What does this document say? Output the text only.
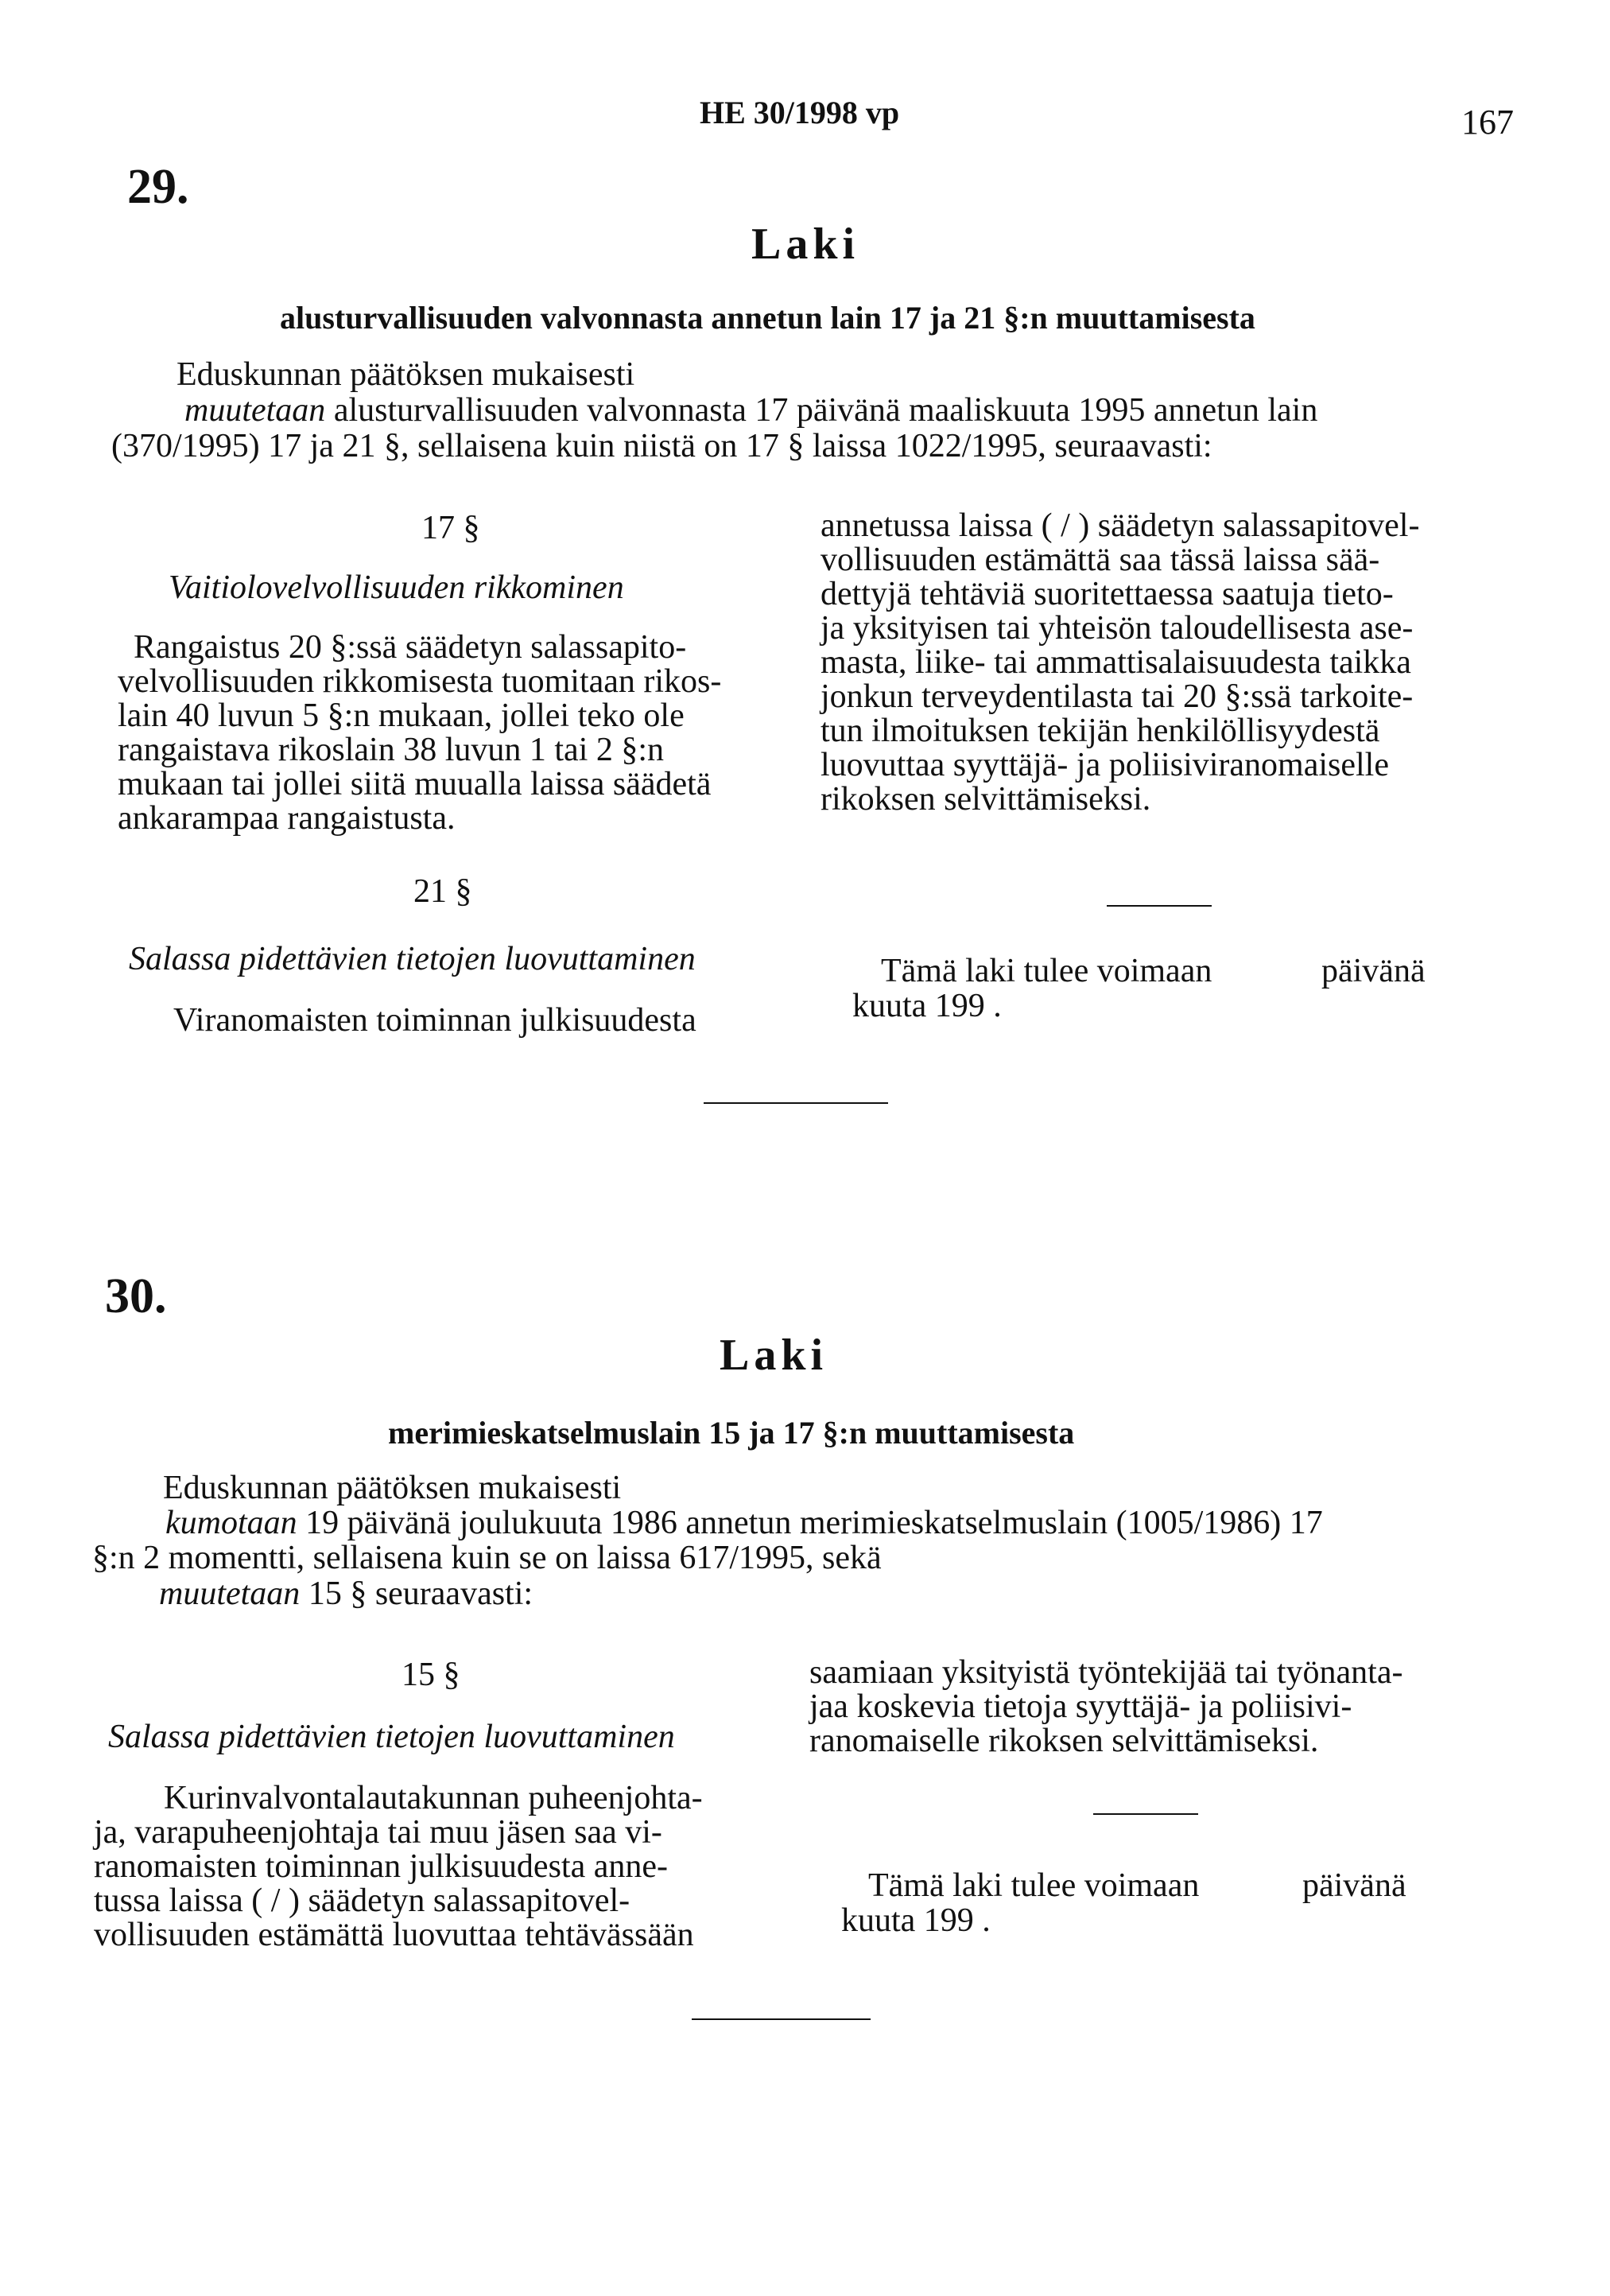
HE 30/1998 vp	167
29.
Laki
alusturvallisuuden valvonnasta annetun lain 17 ja 21 §:n muuttamisesta
Eduskunnan päätöksen mukaisesti
muutetaan alusturvallisuuden valvonnasta 17 päivänä maaliskuuta 1995 annetun lain
(370/1995) 17 ja 21 §, sellaisena kuin niistä on 17 § laissa 1022/1995, seuraavasti:
17 §
Vaitiolovelvollisuuden rikkominen
Rangaistus 20 §:ssä säädetyn salassapito-
velvollisuuden rikkomisesta tuomitaan rikos-
lain 40 luvun 5 §:n mukaan, jollei teko ole
rangaistava rikoslain 38 luvun 1 tai 2 §:n
mukaan tai jollei siitä muualla laissa säädetä
ankarampaa rangaistusta.
21 §
Salassa pidettävien tietojen luovuttaminen
Viranomaisten toiminnan julkisuudesta
annetussa laissa ( / ) säädetyn salassapitovel-
vollisuuden estämättä saa tässä laissa sää-
dettyjä tehtäviä suoritettaessa saatuja tieto-
ja yksityisen tai yhteisön taloudellisesta ase-
masta, liike- tai ammattisalaisuudesta taikka
jonkun terveydentilasta tai 20 §:ssä tarkoite-
tun ilmoituksen tekijän henkilöllisyydestä
luovuttaa syyttäjä- ja poliisiviranomaiselle
rikoksen selvittämiseksi.
Tämä laki tulee voimaan	päivänä
kuuta 199 .
30.
Laki
merimieskatselmuslain 15 ja 17 §:n muuttamisesta
Eduskunnan päätöksen mukaisesti
kumotaan 19 päivänä joulukuuta 1986 annetun merimieskatselmuslain (1005/1986) 17
§:n 2 momentti, sellaisena kuin se on laissa 617/1995, sekä
muutetaan 15 § seuraavasti:
15 §
Salassa pidettävien tietojen luovuttaminen
Kurinvalvontalautakunnan puheenjohta-
ja, varapuheenjohtaja tai muu jäsen saa vi-
ranomaisten toiminnan julkisuudesta anne-
tussa laissa ( / ) säädetyn salassapitovel-
vollisuuden estämättä luovuttaa tehtävässään
saamiaan yksityistä työntekijää tai työnanta-
jaa koskevia tietoja syyttäjä- ja poliisivi-
ranomaiselle rikoksen selvittämiseksi.
Tämä laki tulee voimaan	päivänä
kuuta 199 .
